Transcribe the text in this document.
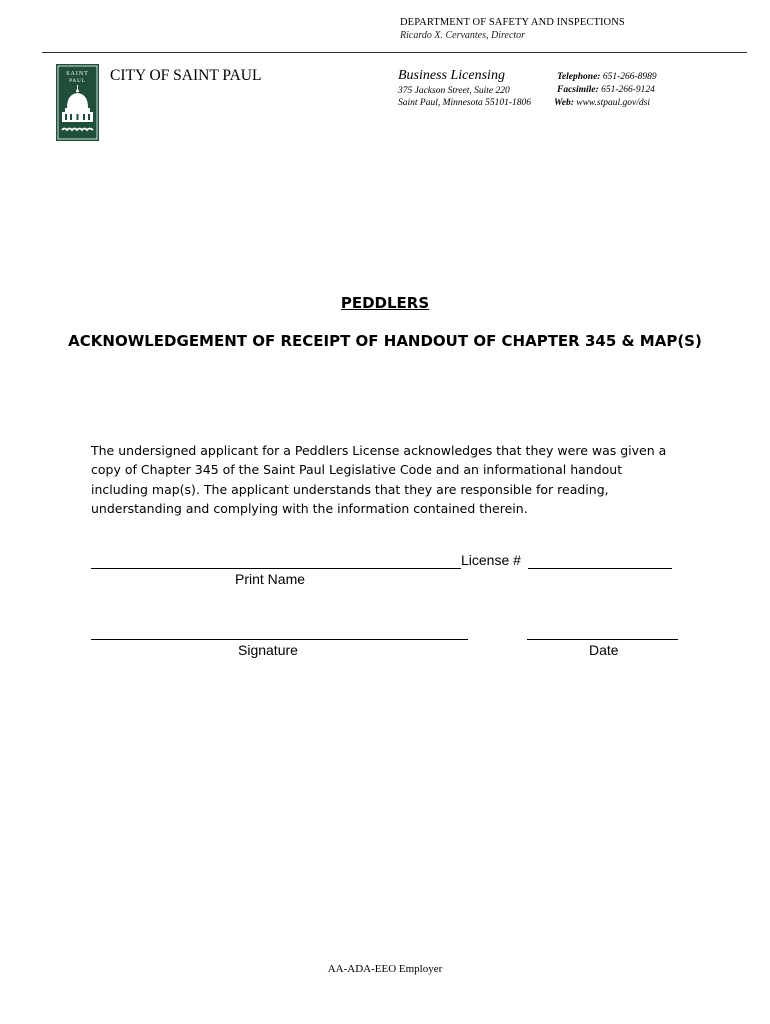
DEPARTMENT OF SAFETY AND INSPECTIONS
Ricardo X. Cervantes, Director
SAINT
PAUL CITY OF SAINT PAUL	Business Licensing
375 Jackson Street, Suite 220
Saint Paul, Minnesota 55101-1806
Telephone: 651-266-8989
Facsimile: 651-266-9124
Web: www.stpaul.gov/dsi
PEDDLERS
ACKNOWLEDGEMENT OF RECEIPT OF HANDOUT OF CHAPTER 345 & MAP(S)
The undersigned applicant for a Peddlers License acknowledges that they were was given a copy of Chapter 345 of the Saint Paul Legislative Code and an informational handout including map(s). The applicant understands that they are responsible for reading, understanding and complying with the information contained therein.
License #
Print Name
Signature	Date
AA-ADA-EEO Employer
